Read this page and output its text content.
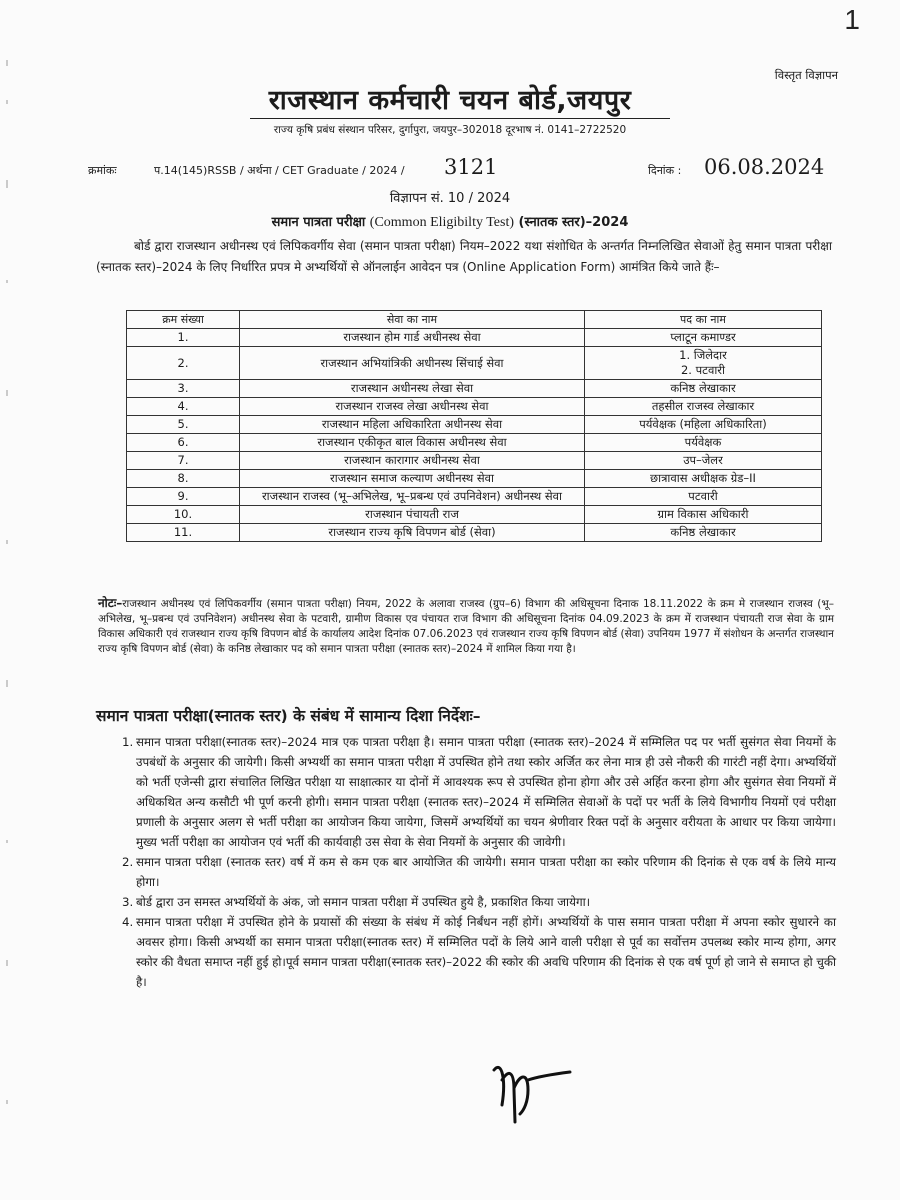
1
विस्तृत विज्ञापन
राजस्थान कर्मचारी चयन बोर्ड,जयपुर
राज्य कृषि प्रबंध संस्थान परिसर, दुर्गापुरा, जयपुर–302018 दूरभाष नं. 0141–2722520
क्रमांकः	प.14(145)RSSB / अर्थना / CET Graduate / 2024 / 3121	दिनांक : 06.08.2024
विज्ञापन सं. 10 / 2024
समान पात्रता परीक्षा (Common Eligibilty Test) (स्नातक स्तर)–2024
बोर्ड द्वारा राजस्थान अधीनस्थ एवं लिपिकवर्गीय सेवा (समान पात्रता परीक्षा) नियम–2022 यथा संशोधित के अन्तर्गत निम्नलिखित सेवाओं हेतु समान पात्रता परीक्षा (स्नातक स्तर)–2024 के लिए निर्धारित प्रपत्र मे अभ्यर्थियों से ऑनलाईन आवेदन पत्र (Online Application Form) आमंत्रित किये जाते हैंः–
क्रम संख्या	सेवा का नाम	पद का नाम
1.	राजस्थान होम गार्ड अधीनस्थ सेवा	प्लाटून कमाण्डर
2.	राजस्थान अभियांत्रिकी अधीनस्थ सिंचाई सेवा	1. जिलेदार
2. पटवारी
3.	राजस्थान अधीनस्थ लेखा सेवा	कनिष्ठ लेखाकार
4.	राजस्थान राजस्व लेखा अधीनस्थ सेवा	तहसील राजस्व लेखाकार
5.	राजस्थान महिला अधिकारिता अधीनस्थ सेवा	पर्यवेक्षक (महिला अधिकारिता)
6.	राजस्थान एकीकृत बाल विकास अधीनस्थ सेवा	पर्यवेक्षक
7.	राजस्थान कारागार अधीनस्थ सेवा	उप–जेलर
8.	राजस्थान समाज कल्याण अधीनस्थ सेवा	छात्रावास अधीक्षक ग्रेड–II
9.	राजस्थान राजस्व (भू–अभिलेख, भू–प्रबन्ध एवं उपनिवेशन) अधीनस्थ सेवा	पटवारी
10.	राजस्थान पंचायती राज	ग्राम विकास अधिकारी
11.	राजस्थान राज्य कृषि विपणन बोर्ड (सेवा)	कनिष्ठ लेखाकार
नोटः–राजस्थान अधीनस्थ एवं लिपिकवर्गीय (समान पात्रता परीक्षा) नियम, 2022 के अलावा राजस्व (ग्रुप–6) विभाग की अधिसूचना दिनाक 18.11.2022 के क्रम मे राजस्थान राजस्व (भू–अभिलेख, भू–प्रबन्ध एवं उपनिवेशन) अधीनस्थ सेवा के पटवारी, ग्रामीण विकास एव पंचायत राज विभाग की अधिसूचना दिनांक 04.09.2023 के क्रम में राजस्थान पंचायती राज सेवा के ग्राम विकास अधिकारी एवं राजस्थान राज्य कृषि विपणन बोर्ड के कार्यालय आदेश दिनांक 07.06.2023 एवं राजस्थान राज्य कृषि विपणन बोर्ड (सेवा) उपनियम 1977 में संशोधन के अन्तर्गत राजस्थान राज्य कृषि विपणन बोर्ड (सेवा) के कनिष्ठ लेखाकार पद को समान पात्रता परीक्षा (स्नातक स्तर)–2024 में शामिल किया गया है।
समान पात्रता परीक्षा(स्नातक स्तर) के संबंध में सामान्य दिशा निर्देशः–

1. समान पात्रता परीक्षा(स्नातक स्तर)–2024 मात्र एक पात्रता परीक्षा है। समान पात्रता परीक्षा (स्नातक स्तर)–2024 में सम्मिलित पद पर भर्ती सुसंगत सेवा नियमों के उपबंधों के अनुसार की जायेगी। किसी अभ्यर्थी का समान पात्रता परीक्षा में उपस्थित होने तथा स्कोर अर्जित कर लेना मात्र ही उसे नौकरी की गारंटी नहीं देगा। अभ्यर्थियों को भर्ती एजेन्सी द्वारा संचालित लिखित परीक्षा या साक्षात्कार या दोनों में आवश्यक रूप से उपस्थित होना होगा और उसे अर्हित करना होगा और सुसंगत सेवा नियमों में अधिकथित अन्य कसौटी भी पूर्ण करनी होगी। समान पात्रता परीक्षा (स्नातक स्तर)–2024 में सम्मिलित सेवाओं के पदों पर भर्ती के लिये विभागीय नियमों एवं परीक्षा प्रणाली के अनुसार अलग से भर्ती परीक्षा का आयोजन किया जायेगा, जिसमें अभ्यर्थियों का चयन श्रेणीवार रिक्त पदों के अनुसार वरीयता के आधार पर किया जायेगा। मुख्य भर्ती परीक्षा का आयोजन एवं भर्ती की कार्यवाही उस सेवा के सेवा नियमों के अनुसार की जावेगी।

2. समान पात्रता परीक्षा (स्नातक स्तर) वर्ष में कम से कम एक बार आयोजित की जायेगी। समान पात्रता परीक्षा का स्कोर परिणाम की दिनांक से एक वर्ष के लिये मान्य होगा।

3. बोर्ड द्वारा उन समस्त अभ्यर्थियों के अंक, जो समान पात्रता परीक्षा में उपस्थित हुये है, प्रकाशित किया जायेगा।

4. समान पात्रता परीक्षा में उपस्थित होने के प्रयासों की संख्या के संबंध में कोई निर्बंधन नहीं होगें। अभ्यर्थियों के पास समान पात्रता परीक्षा में अपना स्कोर सुधारने का अवसर होगा। किसी अभ्यर्थी का समान पात्रता परीक्षा(स्नातक स्तर) में सम्मिलित पदों के लिये आने वाली परीक्षा से पूर्व का सर्वोत्तम उपलब्ध स्कोर मान्य होगा, अगर स्कोर की वैधता समाप्त नहीं हुई हो।पूर्व समान पात्रता परीक्षा(स्नातक स्तर)–2022 की स्कोर की अवधि परिणाम की दिनांक से एक वर्ष पूर्ण हो जाने से समाप्त हो चुकी है।
